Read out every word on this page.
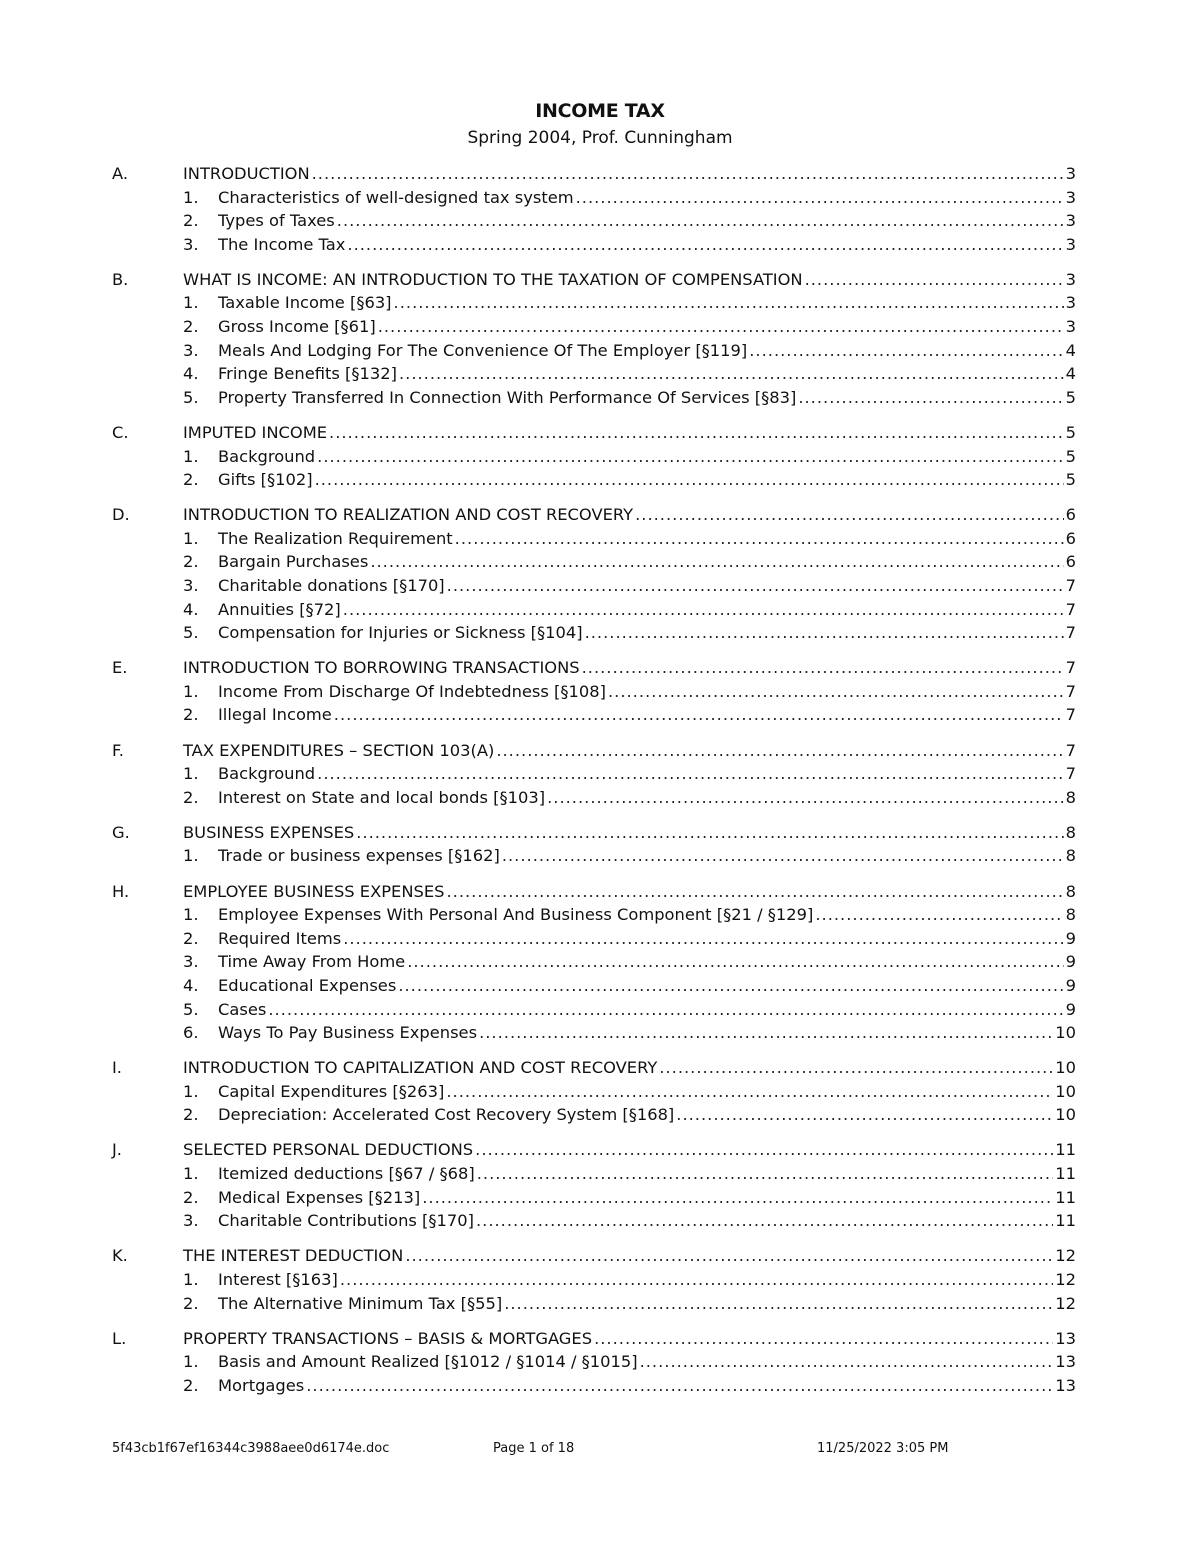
INCOME TAX
Spring 2004, Prof. Cunningham
A.	INTRODUCTION .....	3
1.	Characteristics of well-designed tax system .....	3
2.	Types of Taxes .....	3
3.	The Income Tax .....	3
B.	WHAT IS INCOME: AN INTRODUCTION TO THE TAXATION OF COMPENSATION .....	3
1.	Taxable Income [§63] .....	3
2.	Gross Income [§61] .....	3
3.	Meals And Lodging For The Convenience Of The Employer [§119] .....	4
4.	Fringe Benefits [§132] .....	4
5.	Property Transferred In Connection With Performance Of Services [§83] .....	5
C.	IMPUTED INCOME .....	5
1.	Background .....	5
2.	Gifts [§102] .....	5
D.	INTRODUCTION TO REALIZATION AND COST RECOVERY .....	6
1.	The Realization Requirement .....	6
2.	Bargain Purchases .....	6
3.	Charitable donations [§170] .....	7
4.	Annuities [§72] .....	7
5.	Compensation for Injuries or Sickness [§104] .....	7
E.	INTRODUCTION TO BORROWING TRANSACTIONS .....	7
1.	Income From Discharge Of Indebtedness [§108] .....	7
2.	Illegal Income .....	7
F.	TAX EXPENDITURES – SECTION 103(A) .....	7
1.	Background .....	7
2.	Interest on State and local bonds [§103] .....	8
G.	BUSINESS EXPENSES .....	8
1.	Trade or business expenses [§162] .....	8
H.	EMPLOYEE BUSINESS EXPENSES .....	8
1.	Employee Expenses With Personal And Business Component [§21 / §129] .....	8
2.	Required Items .....	9
3.	Time Away From Home .....	9
4.	Educational Expenses .....	9
5.	Cases .....	9
6.	Ways To Pay Business Expenses .....	10
I.	INTRODUCTION TO CAPITALIZATION AND COST RECOVERY .....	10
1.	Capital Expenditures [§263] .....	10
2.	Depreciation: Accelerated Cost Recovery System [§168] .....	10
J.	SELECTED PERSONAL DEDUCTIONS .....	11
1.	Itemized deductions [§67 / §68] .....	11
2.	Medical Expenses [§213] .....	11
3.	Charitable Contributions [§170] .....	11
K.	THE INTEREST DEDUCTION .....	12
1.	Interest [§163] .....	12
2.	The Alternative Minimum Tax [§55] .....	12
L.	PROPERTY TRANSACTIONS – BASIS & MORTGAGES .....	13
1.	Basis and Amount Realized [§1012 / §1014 / §1015] .....	13
2.	Mortgages .....	13
5f43cb1f67ef16344c3988aee0d6174e.doc	Page 1 of 18	11/25/2022 3:05 PM
